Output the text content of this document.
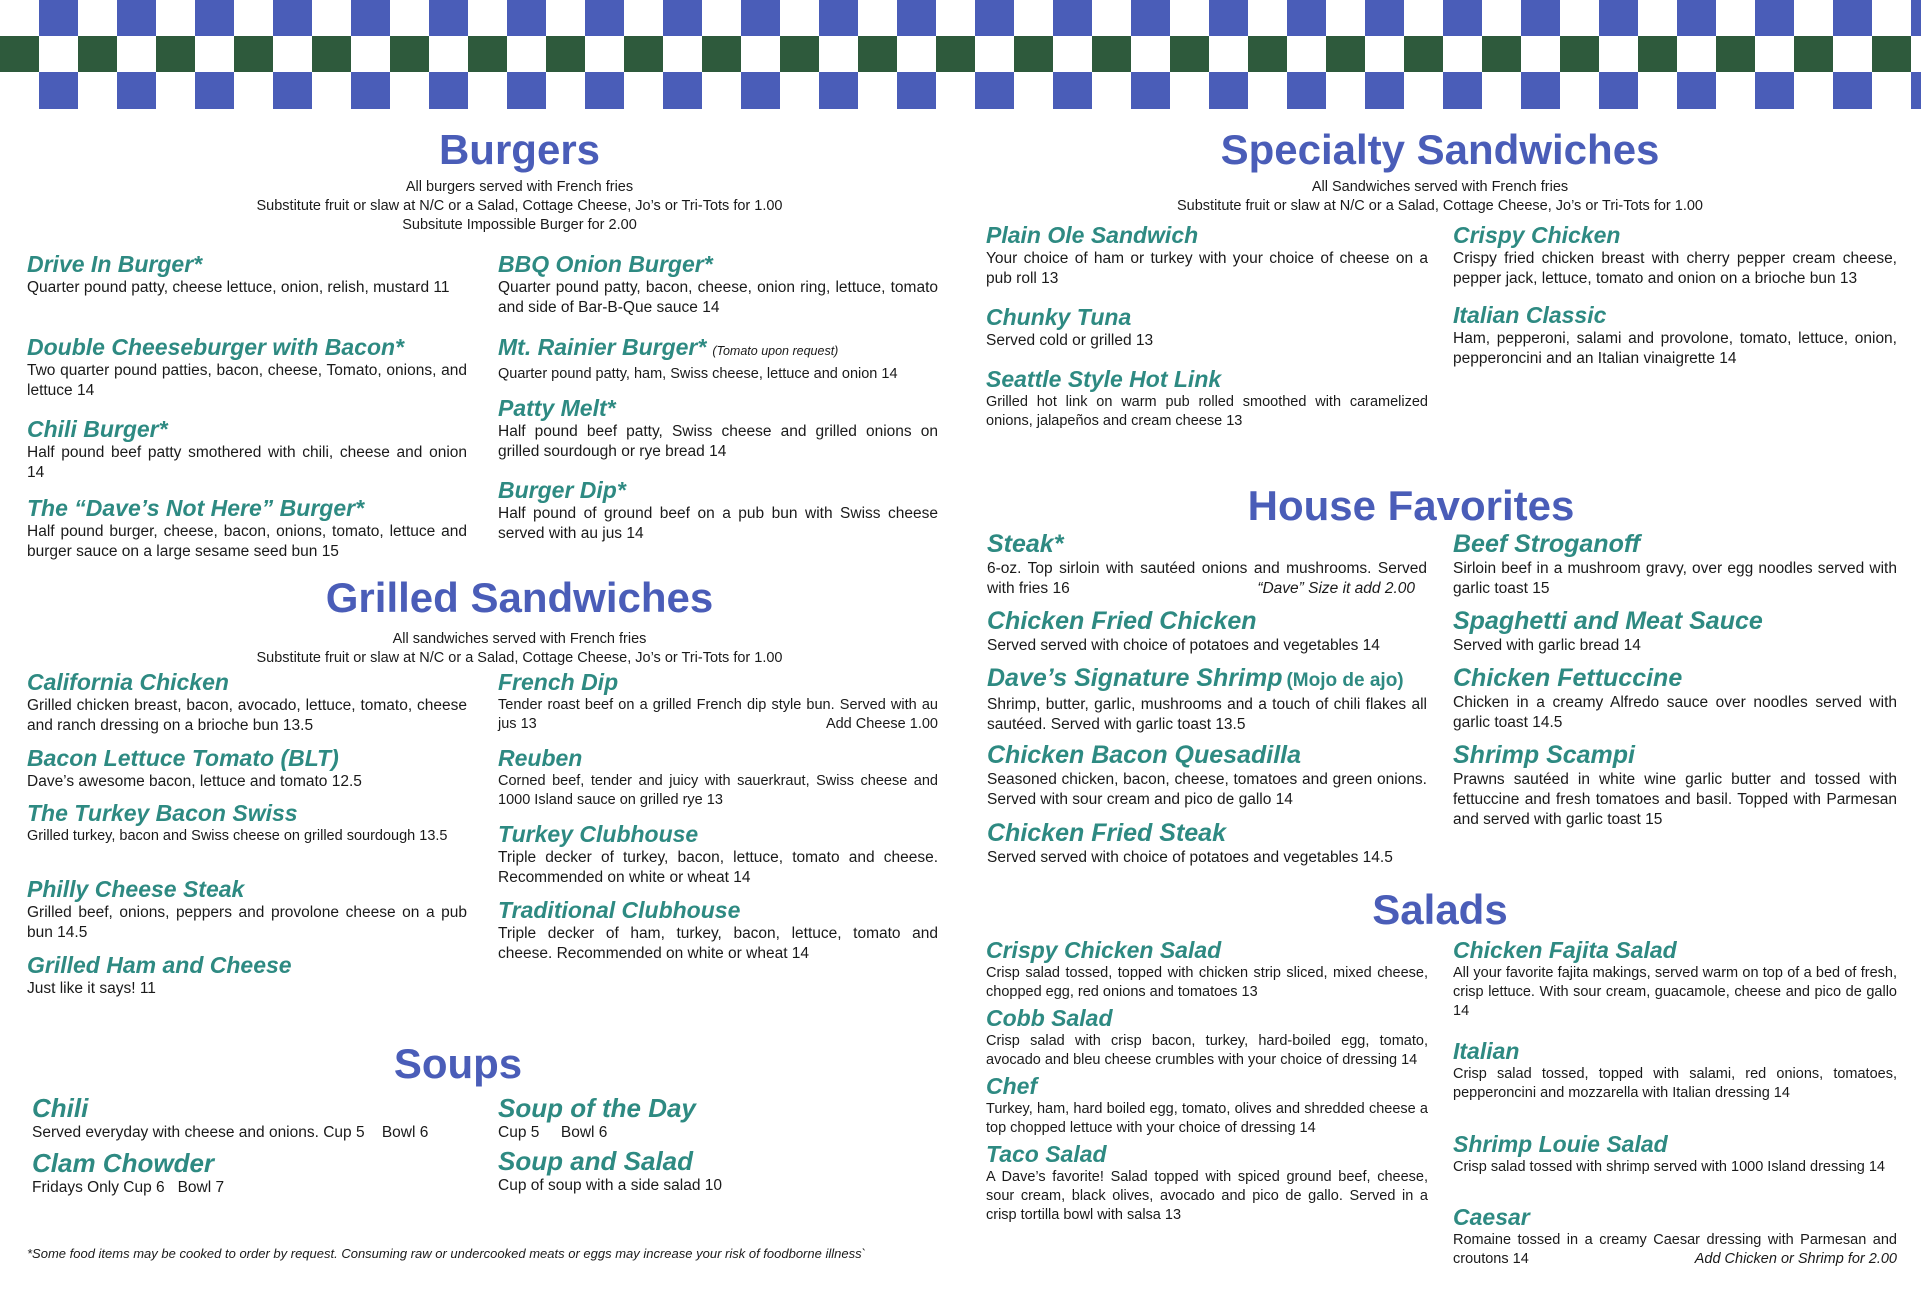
Burgers
All burgers served with French fries
Substitute fruit or slaw at N/C or a Salad, Cottage Cheese, Jo’s or Tri-Tots for 1.00
Subsitute Impossible Burger for 2.00
Drive In Burger*
Quarter pound patty, cheese lettuce, onion, relish, mustard 11
Double Cheeseburger with Bacon*
Two quarter pound patties, bacon, cheese, Tomato, onions, and lettuce 14
Chili Burger*
Half pound beef patty smothered with chili, cheese and onion 14
The “Dave’s Not Here” Burger*
Half pound burger, cheese, bacon, onions, tomato, lettuce and burger sauce on a large sesame seed bun 15
BBQ Onion Burger*
Quarter pound patty, bacon, cheese, onion ring, lettuce, tomato and side of Bar-B-Que sauce 14
Mt. Rainier Burger* (Tomato upon request)
Quarter pound patty, ham, Swiss cheese, lettuce and onion 14
Patty Melt*
Half pound beef patty, Swiss cheese and grilled onions on grilled sourdough or rye bread 14
Burger Dip*
Half pound of ground beef on a pub bun with Swiss cheese served with au jus 14
Grilled Sandwiches
All sandwiches served with French fries
Substitute fruit or slaw at N/C or a Salad, Cottage Cheese, Jo’s or Tri-Tots for 1.00
California Chicken
Grilled chicken breast, bacon, avocado, lettuce, tomato, cheese and ranch dressing on a brioche bun 13.5
Bacon Lettuce Tomato (BLT)
Dave’s awesome bacon, lettuce and tomato 12.5
The Turkey Bacon Swiss
Grilled turkey, bacon and Swiss cheese on grilled sourdough 13.5
Philly Cheese Steak
Grilled beef, onions, peppers and provolone cheese on a pub bun 14.5
Grilled Ham and Cheese
Just like it says! 11
French Dip
Tender roast beef on a grilled French dip style bun. Served with au jus 13	Add Cheese 1.00
Reuben
Corned beef, tender and juicy with sauerkraut, Swiss cheese and 1000 Island sauce on grilled rye 13
Turkey Clubhouse
Triple decker of turkey, bacon, lettuce, tomato and cheese. Recommended on white or wheat 14
Traditional Clubhouse
Triple decker of ham, turkey, bacon, lettuce, tomato and cheese. Recommended on white or wheat 14
Soups
Chili
Served everyday with cheese and onions. Cup 5    Bowl 6
Clam Chowder
Fridays Only Cup 6   Bowl 7
Soup of the Day
Cup 5     Bowl 6
Soup and Salad
Cup of soup with a side salad 10
*Some food items may be cooked to order by request. Consuming raw or undercooked meats or eggs may increase your risk of foodborne illness`
Specialty Sandwiches
All Sandwiches served with French fries
Substitute fruit or slaw at N/C or a Salad, Cottage Cheese, Jo’s or Tri-Tots for 1.00
Plain Ole Sandwich
Your choice of ham or turkey with your choice of cheese on a pub roll 13
Chunky Tuna
Served cold or grilled 13
Seattle Style Hot Link
Grilled hot link on warm pub rolled smoothed with caramelized onions, jalapeños and cream cheese 13
Crispy Chicken
Crispy fried chicken breast with cherry pepper cream cheese, pepper jack, lettuce, tomato and onion on a brioche bun 13
Italian Classic
Ham, pepperoni, salami and provolone, tomato, lettuce, onion, pepperoncini and an Italian vinaigrette 14
House Favorites
Steak*
6-oz. Top sirloin with sautéed onions and mushrooms. Served with fries 16	“Dave” Size it add 2.00
Chicken Fried Chicken
Served served with choice of potatoes and vegetables 14
Dave’s Signature Shrimp (Mojo de ajo)
Shrimp, butter, garlic, mushrooms and a touch of chili flakes all sautéed. Served with garlic toast 13.5
Chicken Bacon Quesadilla
Seasoned chicken, bacon, cheese, tomatoes and green onions. Served with sour cream and pico de gallo 14
Chicken Fried Steak
Served served with choice of potatoes and vegetables 14.5
Beef Stroganoff
Sirloin beef in a mushroom gravy, over egg noodles served with garlic toast 15
Spaghetti and Meat Sauce
Served with garlic bread 14
Chicken Fettuccine
Chicken in a creamy Alfredo sauce over noodles served with garlic toast 14.5
Shrimp Scampi
Prawns sautéed in white wine garlic butter and tossed with fettuccine and fresh tomatoes and basil. Topped with Parmesan and served with garlic toast 15
Salads
Crispy Chicken Salad
Crisp salad tossed, topped with chicken strip sliced, mixed cheese, chopped egg, red onions and tomatoes 13
Cobb Salad
Crisp salad with crisp bacon, turkey, hard-boiled egg, tomato, avocado and bleu cheese crumbles with your choice of dressing 14
Chef
Turkey, ham, hard boiled egg, tomato, olives and shredded cheese a top chopped lettuce with your choice of dressing 14
Taco Salad
A Dave’s favorite! Salad topped with spiced ground beef, cheese, sour cream, black olives, avocado and pico de gallo. Served in a crisp tortilla bowl with salsa 13
Chicken Fajita Salad
All your favorite fajita makings, served warm on top of a bed of fresh, crisp lettuce. With sour cream, guacamole, cheese and pico de gallo 14
Italian
Crisp salad tossed, topped with salami, red onions, tomatoes, pepperoncini and mozzarella with Italian dressing 14
Shrimp Louie Salad
Crisp salad tossed with shrimp served with 1000 Island dressing 14
Caesar
Romaine tossed in a creamy Caesar dressing with Parmesan and croutons 14	Add Chicken or Shrimp for 2.00
